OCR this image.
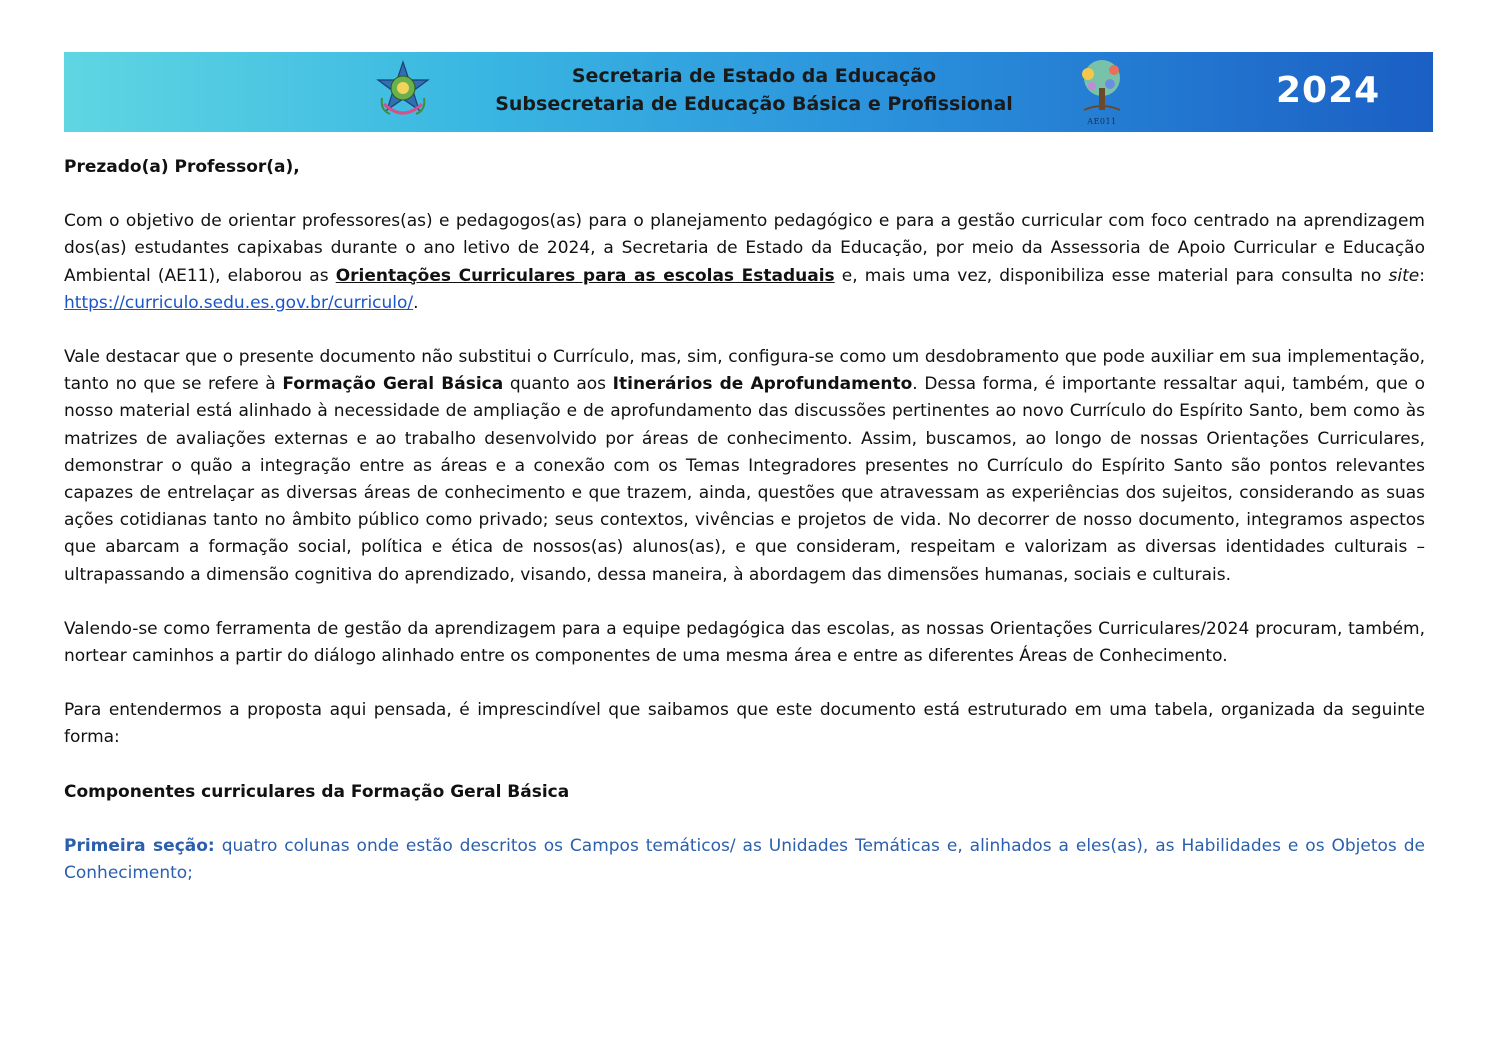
Secretaria de Estado da Educação
Subsecretaria de Educação Básica e Profissional
AE011
2024

Prezado(a) Professor(a),

Com o objetivo de orientar professores(as) e pedagogos(as) para o planejamento pedagógico e para a gestão curricular com foco centrado na aprendizagem dos(as) estudantes capixabas durante o ano letivo de 2024, a Secretaria de Estado da Educação, por meio da Assessoria de Apoio Curricular e Educação Ambiental (AE11), elaborou as Orientações Curriculares para as escolas Estaduais e, mais uma vez, disponibiliza esse material para consulta no site: https://curriculo.sedu.es.gov.br/curriculo/.

Vale destacar que o presente documento não substitui o Currículo, mas, sim, configura-se como um desdobramento que pode auxiliar em sua implementação, tanto no que se refere à Formação Geral Básica quanto aos Itinerários de Aprofundamento. Dessa forma, é importante ressaltar aqui, também, que o nosso material está alinhado à necessidade de ampliação e de aprofundamento das discussões pertinentes ao novo Currículo do Espírito Santo, bem como às matrizes de avaliações externas e ao trabalho desenvolvido por áreas de conhecimento. Assim, buscamos, ao longo de nossas Orientações Curriculares, demonstrar o quão a integração entre as áreas e a conexão com os Temas Integradores presentes no Currículo do Espírito Santo são pontos relevantes capazes de entrelaçar as diversas áreas de conhecimento e que trazem, ainda, questões que atravessam as experiências dos sujeitos, considerando as suas ações cotidianas tanto no âmbito público como privado; seus contextos, vivências e projetos de vida. No decorrer de nosso documento, integramos aspectos que abarcam a formação social, política e ética de nossos(as) alunos(as), e que consideram, respeitam e valorizam as diversas identidades culturais – ultrapassando a dimensão cognitiva do aprendizado, visando, dessa maneira, à abordagem das dimensões humanas, sociais e culturais.

Valendo-se como ferramenta de gestão da aprendizagem para a equipe pedagógica das escolas, as nossas Orientações Curriculares/2024 procuram, também, nortear caminhos a partir do diálogo alinhado entre os componentes de uma mesma área e entre as diferentes Áreas de Conhecimento.

Para entendermos a proposta aqui pensada, é imprescindível que saibamos que este documento está estruturado em uma tabela, organizada da seguinte forma:

Componentes curriculares da Formação Geral Básica

Primeira seção: quatro colunas onde estão descritos os Campos temáticos/ as Unidades Temáticas e, alinhados a eles(as), as Habilidades e os Objetos de Conhecimento;
